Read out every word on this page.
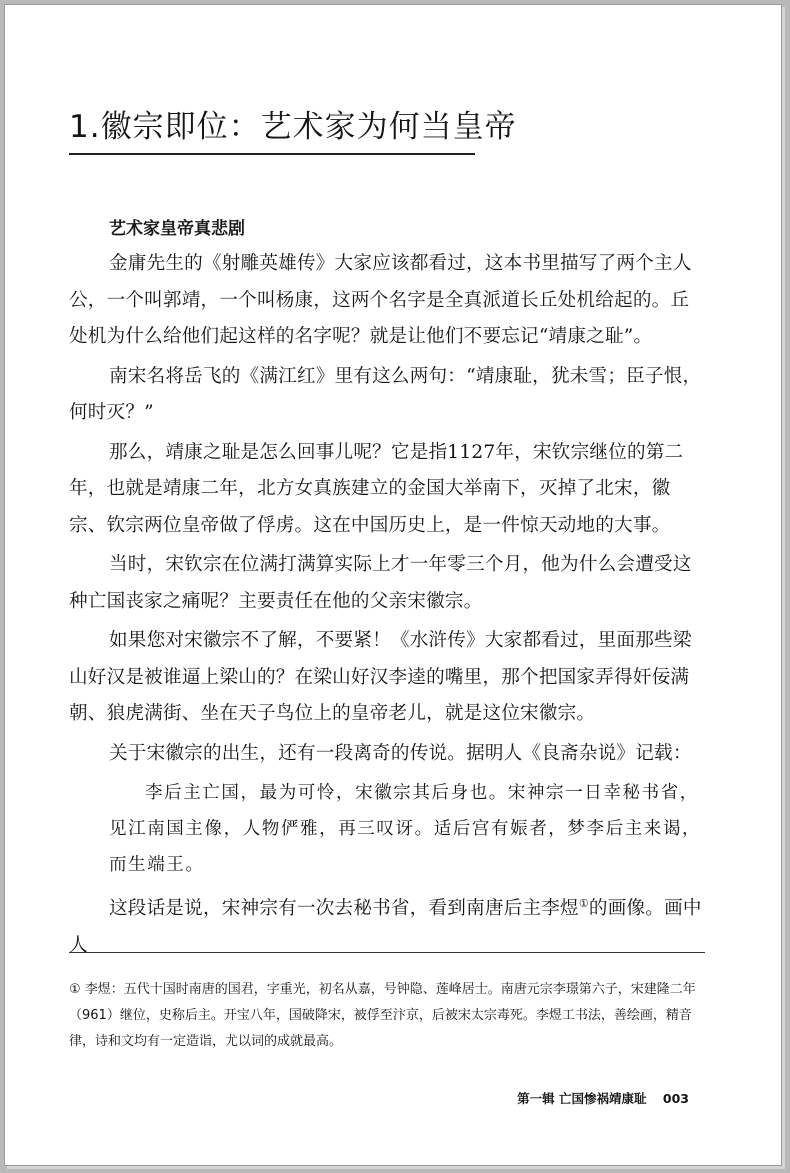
1.徽宗即位：艺术家为何当皇帝
艺术家皇帝真悲剧

金庸先生的《射雕英雄传》大家应该都看过，这本书里描写了两个主人公，一个叫郭靖，一个叫杨康，这两个名字是全真派道长丘处机给起的。丘处机为什么给他们起这样的名字呢？就是让他们不要忘记“靖康之耻”。

南宋名将岳飞的《满江红》里有这么两句：“靖康耻，犹未雪；臣子恨，何时灭？”

那么，靖康之耻是怎么回事儿呢？它是指1127年，宋钦宗继位的第二年，也就是靖康二年，北方女真族建立的金国大举南下，灭掉了北宋，徽宗、钦宗两位皇帝做了俘虏。这在中国历史上，是一件惊天动地的大事。

当时，宋钦宗在位满打满算实际上才一年零三个月，他为什么会遭受这种亡国丧家之痛呢？主要责任在他的父亲宋徽宗。

如果您对宋徽宗不了解，不要紧！《水浒传》大家都看过，里面那些梁山好汉是被谁逼上梁山的？在梁山好汉李逵的嘴里，那个把国家弄得奸佞满朝、狼虎满街、坐在天子鸟位上的皇帝老儿，就是这位宋徽宗。

关于宋徽宗的出生，还有一段离奇的传说。据明人《良斋杂说》记载：

李后主亡国，最为可怜，宋徽宗其后身也。宋神宗一日幸秘书省，见江南国主像，人物俨雅，再三叹讶。适后宫有娠者，梦李后主来谒，而生端王。

这段话是说，宋神宗有一次去秘书省，看到南唐后主李煜①的画像。画中人

① 李煜：五代十国时南唐的国君，字重光，初名从嘉，号钟隐、莲峰居士。南唐元宗李璟第六子，宋建隆二年（961）继位，史称后主。开宝八年，国破降宋，被俘至汴京，后被宋太宗毒死。李煜工书法，善绘画，精音律，诗和文均有一定造诣，尤以词的成就最高。

第一辑 亡国惨祸靖康耻 003
